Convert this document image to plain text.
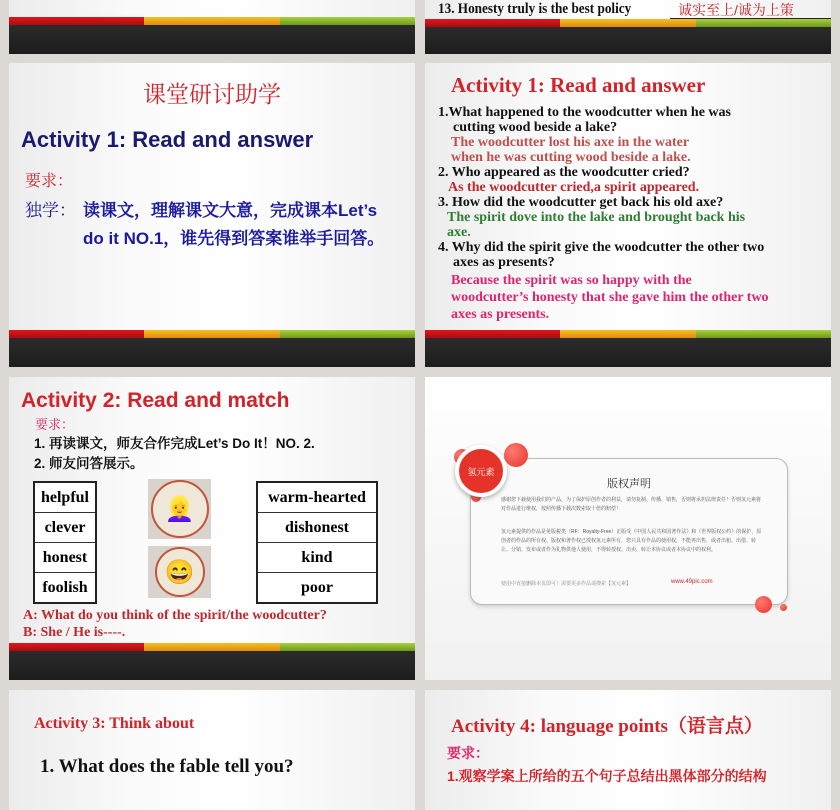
13. Honesty truly is the best policy	诚实至上/诚为上策
课堂研讨助学
Activity 1: Read and answer
要求：
独学： 读课文，理解课文大意，完成课本Let’s
do it NO.1，谁先得到答案谁举手回答。
Activity 1: Read and answer
1.What happened to the woodcutter when he was
cutting wood beside a lake?
The woodcutter lost his axe in the water
when he was cutting wood beside a lake.
2. Who appeared as the woodcutter cried?
As the woodcutter cried,a spirit appeared.
3. How did the woodcutter get back his old axe?
The spirit dove into the lake and brought back his
axe.
4. Why did the spirit give the woodcutter the other two
axes as presents?
Because the spirit was so happy with the
woodcutter’s honesty that she gave him the other two
axes as presents.
Activity 2: Read and match
要求：
1. 再读课文，师友合作完成Let’s Do It！NO. 2.
2. 师友问答展示。
helpful
clever
honest
foolish
👱‍♀️
😄
warm-hearted
dishonest
kind
poor
A: What do you think of the spirit/the woodcutter?
B: She / He is----.
版权声明
感谢您下载使用我们的产品，为了保护原创作者的利益，请勿复制、传播、销售，否则将承担法律责任！否则氢元素将对作品进行维权，按照传播下载次数索取十倍的赔偿！
氢元素提供的作品是免版税类（RF：Royalty-Free）正版受《中国人民共和国著作法》和《世界版权公约》的保护，原创者的作品的所有权、版权和著作权已授权氢元素所有，您只具有作品的使用权，不能再出售，或者出租、出借、转让、分销、发布或者作为礼物供他人使用，不得转授权、出卖、转让本协议或者本协议中的权利。
使用中直接删除本页即可！需要更多作品请搜索【氢元素】	www.49pic.com
氢元素
Activity 3: Think about
1. What does the fable tell you?
Activity 4: language points（语言点）
要求：
1.观察学案上所给的五个句子总结出黑体部分的结构
